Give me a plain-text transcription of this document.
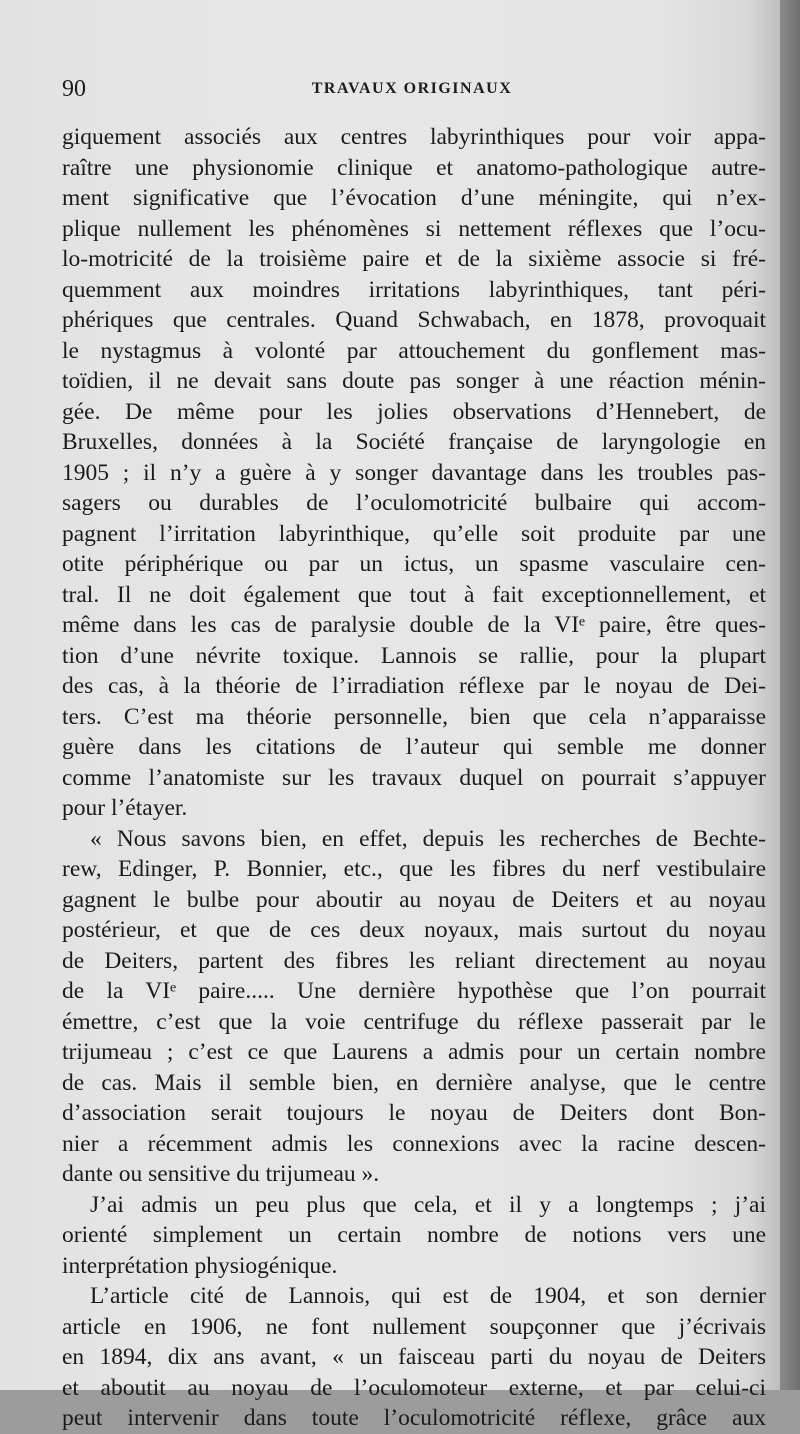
90	TRAVAUX ORIGINAUX
giquement associés aux centres labyrinthiques pour voir appa-
raître une physionomie clinique et anatomo-pathologique autre-
ment significative que l’évocation d’une méningite, qui n’ex-
plique nullement les phénomènes si nettement réflexes que l’ocu-
lo-motricité de la troisième paire et de la sixième associe si fré-
quemment aux moindres irritations labyrinthiques, tant péri-
phériques que centrales. Quand Schwabach, en 1878, provoquait
le nystagmus à volonté par attouchement du gonflement mas-
toïdien, il ne devait sans doute pas songer à une réaction ménin-
gée. De même pour les jolies observations d’Hennebert, de
Bruxelles, données à la Société française de laryngologie en
1905 ; il n’y a guère à y songer davantage dans les troubles pas-
sagers ou durables de l’oculomotricité bulbaire qui accom-
pagnent l’irritation labyrinthique, qu’elle soit produite par une
otite périphérique ou par un ictus, un spasme vasculaire cen-
tral. Il ne doit également que tout à fait exceptionnellement, et
même dans les cas de paralysie double de la VIᵉ paire, être ques-
tion d’une névrite toxique. Lannois se rallie, pour la plupart
des cas, à la théorie de l’irradiation réflexe par le noyau de Dei-
ters. C’est ma théorie personnelle, bien que cela n’apparaisse
guère dans les citations de l’auteur qui semble me donner
comme l’anatomiste sur les travaux duquel on pourrait s’appuyer
pour l’étayer.
« Nous savons bien, en effet, depuis les recherches de Bechte-
rew, Edinger, P. Bonnier, etc., que les fibres du nerf vestibulaire
gagnent le bulbe pour aboutir au noyau de Deiters et au noyau
postérieur, et que de ces deux noyaux, mais surtout du noyau
de Deiters, partent des fibres les reliant directement au noyau
de la VIᵉ paire..... Une dernière hypothèse que l’on pourrait
émettre, c’est que la voie centrifuge du réflexe passerait par le
trijumeau ; c’est ce que Laurens a admis pour un certain nombre
de cas. Mais il semble bien, en dernière analyse, que le centre
d’association serait toujours le noyau de Deiters dont Bon-
nier a récemment admis les connexions avec la racine descen-
dante ou sensitive du trijumeau ».
J’ai admis un peu plus que cela, et il y a longtemps ; j’ai
orienté simplement un certain nombre de notions vers une
interprétation physiogénique.
L’article cité de Lannois, qui est de 1904, et son dernier
article en 1906, ne font nullement soupçonner que j’écrivais
en 1894, dix ans avant, « un faisceau parti du noyau de Deiters
et aboutit au noyau de l’oculomoteur externe, et par celui-ci
peut intervenir dans toute l’oculomotricité réflexe, grâce aux
